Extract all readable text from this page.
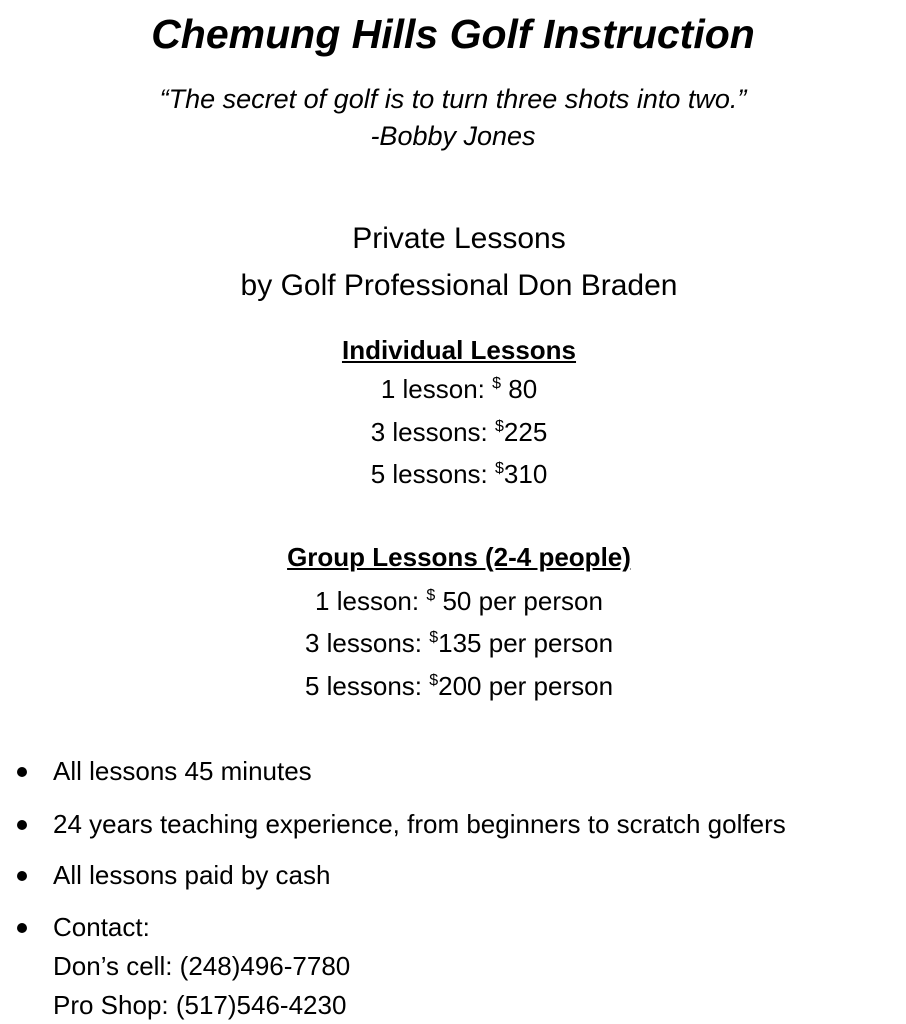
Chemung Hills Golf Instruction
“The secret of golf is to turn three shots into two.”
-Bobby Jones
Private Lessons
by Golf Professional Don Braden
Individual Lessons
1 lesson: $ 80
3 lessons: $225
5 lessons: $310
Group Lessons (2-4 people)
1 lesson: $ 50 per person
3 lessons: $135 per person
5 lessons: $200 per person
All lessons 45 minutes
24 years teaching experience, from beginners to scratch golfers
All lessons paid by cash
Contact:
Don’s cell: (248)496-7780
Pro Shop: (517)546-4230
